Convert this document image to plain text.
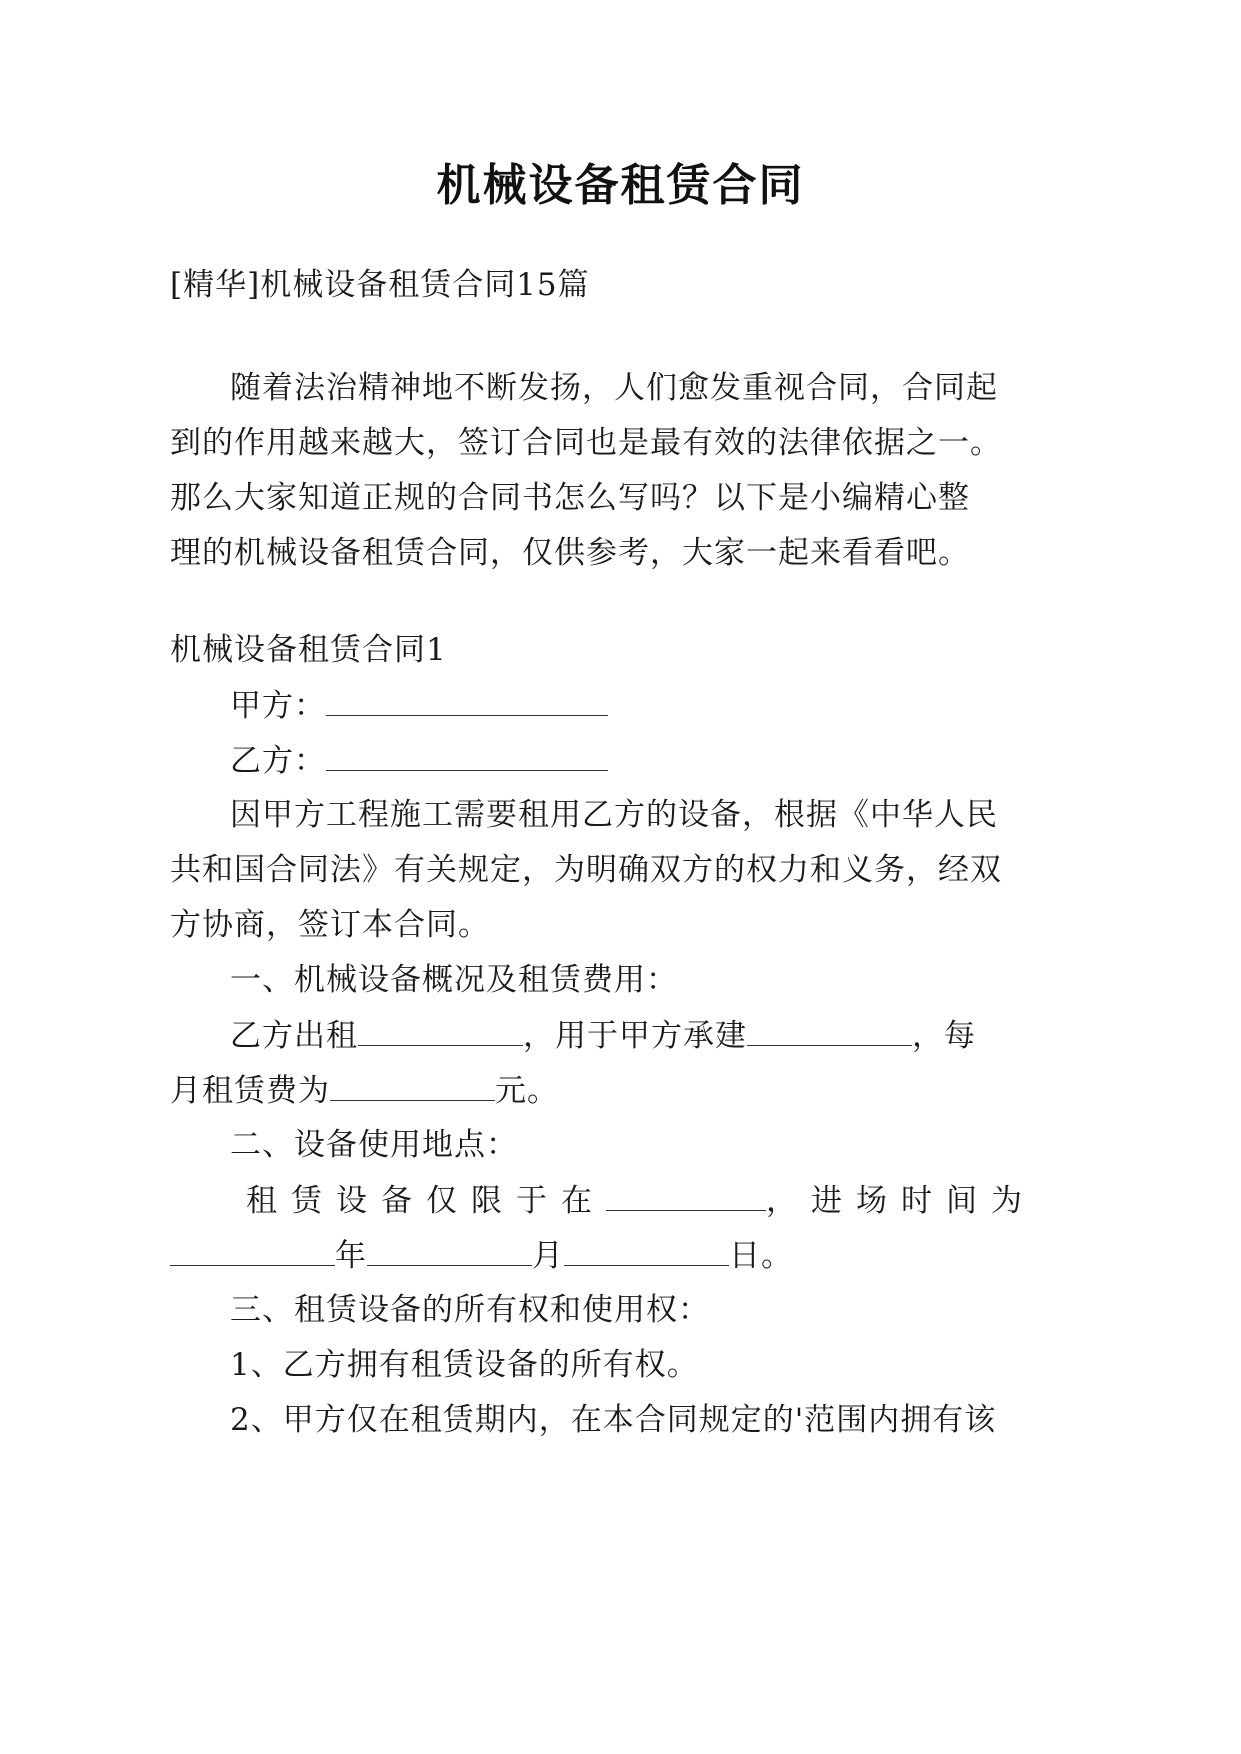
机械设备租赁合同
[精华]机械设备租赁合同15篇
随着法治精神地不断发扬，人们愈发重视合同，合同起
到的作用越来越大，签订合同也是最有效的法律依据之一。
那么大家知道正规的合同书怎么写吗？以下是小编精心整
理的机械设备租赁合同，仅供参考，大家一起来看看吧。
机械设备租赁合同1
甲方：
乙方：
因甲方工程施工需要租用乙方的设备，根据《中华人民
共和国合同法》有关规定，为明确双方的权力和义务，经双
方协商，签订本合同。
一、机械设备概况及租赁费用：
乙方出租	，用于甲方承建	，每
月租赁费为	元。
二、设备使用地点：
租赁设备仅限于在	，进场时间为
年	月	日。
三、租赁设备的所有权和使用权：
1、乙方拥有租赁设备的所有权。
2、甲方仅在租赁期内，在本合同规定的'范围内拥有该
